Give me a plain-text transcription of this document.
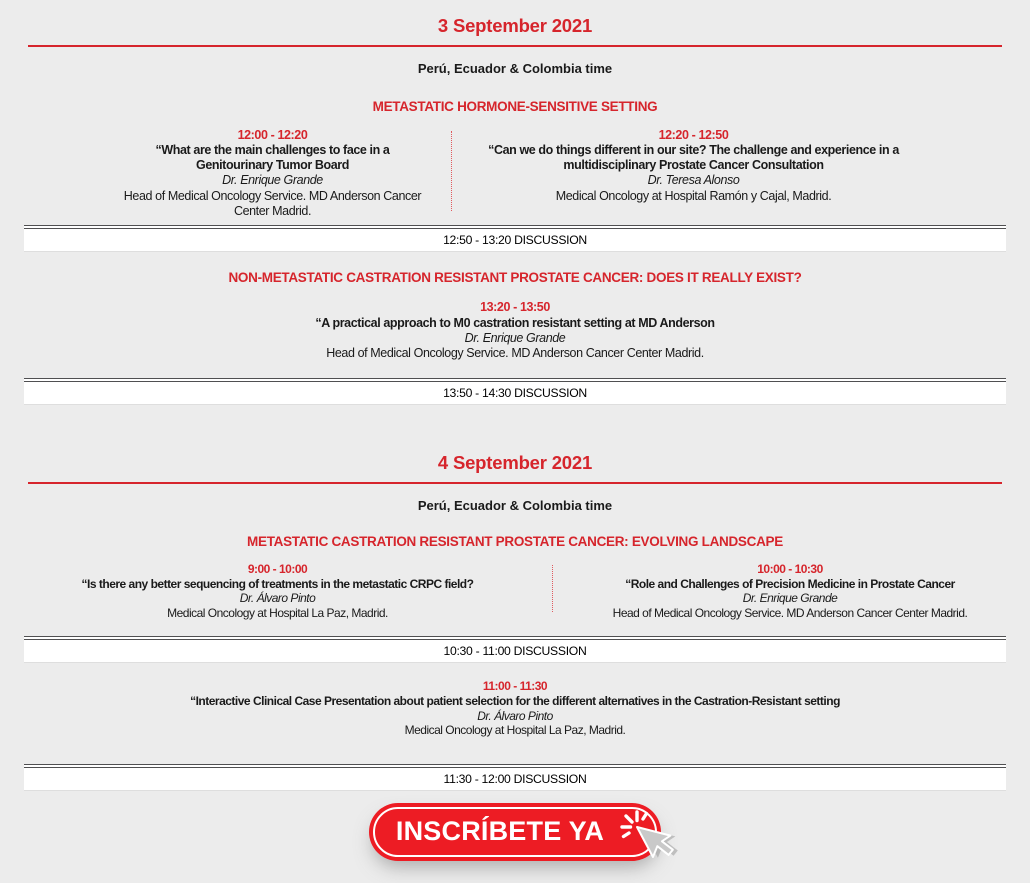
3 September 2021

Perú, Ecuador & Colombia time

METASTATIC HORMONE-SENSITIVE SETTING

12:00 - 12:20

“What are the main challenges to face in a Genitourinary Tumor Board

Dr. Enrique Grande

Head of Medical Oncology Service. MD Anderson Cancer Center Madrid.

12:20 - 12:50

“Can we do things different in our site? The challenge and experience in a multidisciplinary Prostate Cancer Consultation

Dr. Teresa Alonso

Medical Oncology at Hospital Ramón y Cajal, Madrid.

12:50 - 13:20 DISCUSSION
NON-METASTATIC CASTRATION RESISTANT PROSTATE CANCER: DOES IT REALLY EXIST?

13:20 - 13:50

“A practical approach to M0 castration resistant setting at MD Anderson

Dr. Enrique Grande

Head of Medical Oncology Service. MD Anderson Cancer Center Madrid.

13:50 - 14:30 DISCUSSION
4 September 2021

Perú, Ecuador & Colombia time

METASTATIC CASTRATION RESISTANT PROSTATE CANCER: EVOLVING LANDSCAPE

9:00 - 10:00

“Is there any better sequencing of treatments in the metastatic CRPC field?

Dr. Álvaro Pinto

Medical Oncology at Hospital La Paz, Madrid.

10:00 - 10:30

“Role and Challenges of Precision Medicine in Prostate Cancer

Dr. Enrique Grande

Head of Medical Oncology Service. MD Anderson Cancer Center Madrid.

10:30 - 11:00 DISCUSSION

11:00 - 11:30

“Interactive Clinical Case Presentation about patient selection for the different alternatives in the Castration-Resistant setting

Dr. Álvaro Pinto

Medical Oncology at Hospital La Paz, Madrid.

11:30 - 12:00 DISCUSSION
INSCRÍBETE YA
